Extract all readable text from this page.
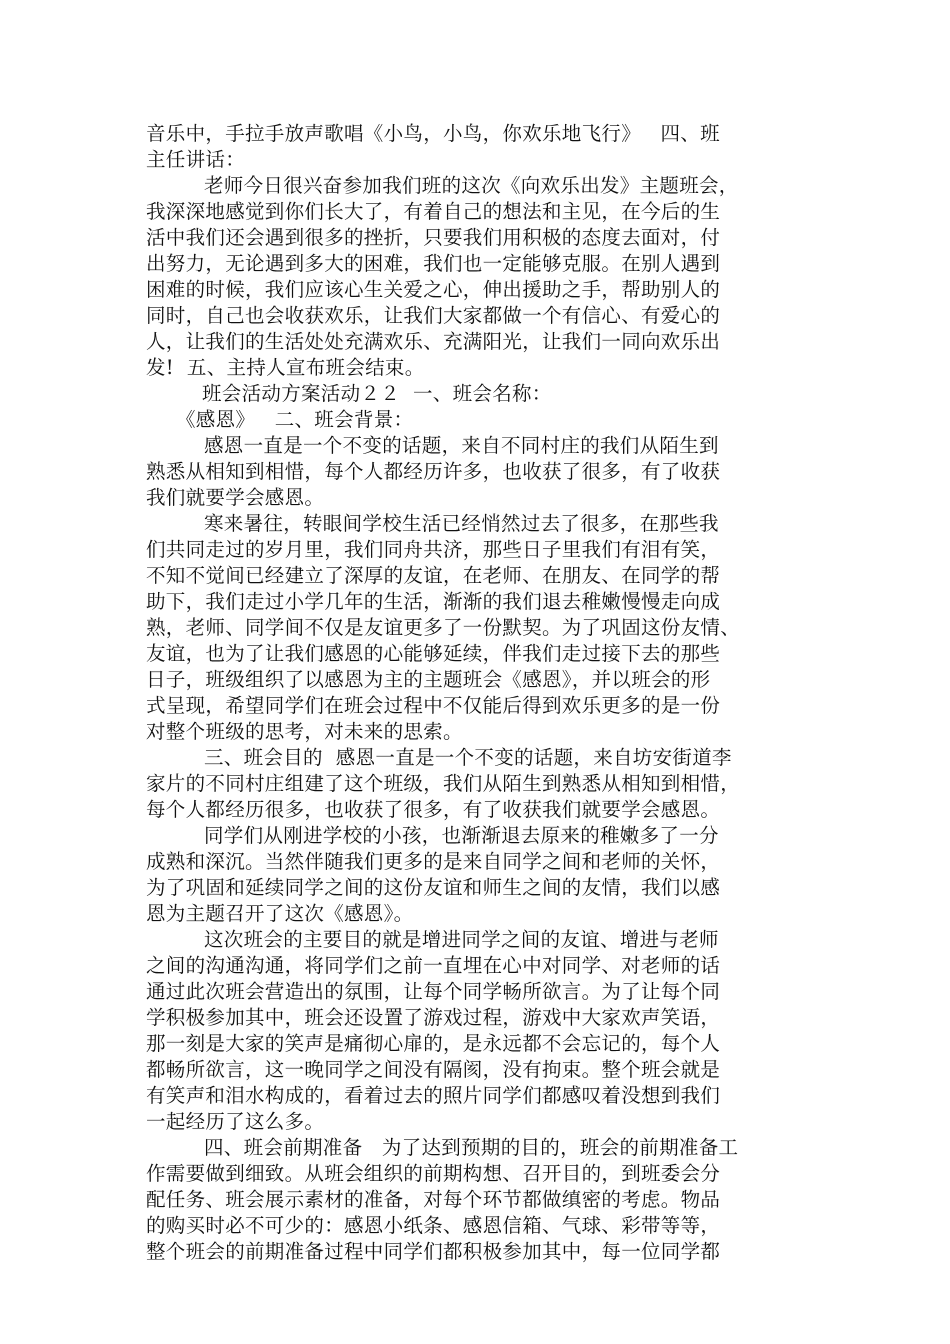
音乐中，手拉手放声歌唱《小鸟，小鸟，你欢乐地飞行》   四、班
主任讲话：
老师今日很兴奋参加我们班的这次《向欢乐出发》主题班会，
我深深地感觉到你们长大了，有着自己的想法和主见，在今后的生
活中我们还会遇到很多的挫折，只要我们用积极的态度去面对，付
出努力，无论遇到多大的困难，我们也一定能够克服。在别人遇到
困难的时候，我们应该心生关爱之心，伸出援助之手，帮助别人的
同时，自己也会收获欢乐，让我们大家都做一个有信心、有爱心的
人，让我们的生活处处充满欢乐、充满阳光，让我们一同向欢乐出
发!  五、主持人宣布班会结束。
班会活动方案活动２２  一、班会名称：
《感恩》   二、班会背景：
感恩一直是一个不变的话题，来自不同村庄的我们从陌生到
熟悉从相知到相惜，每个人都经历许多，也收获了很多，有了收获
我们就要学会感恩。
寒来暑往，转眼间学校生活已经悄然过去了很多，在那些我
们共同走过的岁月里，我们同舟共济，那些日子里我们有泪有笑，
不知不觉间已经建立了深厚的友谊，在老师、在朋友、在同学的帮
助下，我们走过小学几年的生活，渐渐的我们退去稚嫩慢慢走向成
熟，老师、同学间不仅是友谊更多了一份默契。为了巩固这份友情、
友谊，也为了让我们感恩的心能够延续，伴我们走过接下去的那些
日子，班级组织了以感恩为主的主题班会《感恩》，并以班会的形
式呈现，希望同学们在班会过程中不仅能后得到欢乐更多的是一份
对整个班级的思考，对未来的思索。
三、班会目的  感恩一直是一个不变的话题，来自坊安街道李
家片的不同村庄组建了这个班级，我们从陌生到熟悉从相知到相惜，
每个人都经历很多，也收获了很多，有了收获我们就要学会感恩。
同学们从刚进学校的小孩，也渐渐退去原来的稚嫩多了一分
成熟和深沉。当然伴随我们更多的是来自同学之间和老师的关怀，
为了巩固和延续同学之间的这份友谊和师生之间的友情，我们以感
恩为主题召开了这次《感恩》。
这次班会的主要目的就是增进同学之间的友谊、增进与老师
之间的沟通沟通，将同学们之前一直埋在心中对同学、对老师的话
通过此次班会营造出的氛围，让每个同学畅所欲言。为了让每个同
学积极参加其中，班会还设置了游戏过程，游戏中大家欢声笑语，
那一刻是大家的笑声是痛彻心扉的，是永远都不会忘记的，每个人
都畅所欲言，这一晚同学之间没有隔阂，没有拘束。整个班会就是
有笑声和泪水构成的，看着过去的照片同学们都感叹着没想到我们
一起经历了这么多。
四、班会前期准备   为了达到预期的目的，班会的前期准备工
作需要做到细致。从班会组织的前期构想、召开目的，到班委会分
配任务、班会展示素材的准备，对每个环节都做缜密的考虑。物品
的购买时必不可少的：感恩小纸条、感恩信箱、气球、彩带等等，
整个班会的前期准备过程中同学们都积极参加其中，每一位同学都
